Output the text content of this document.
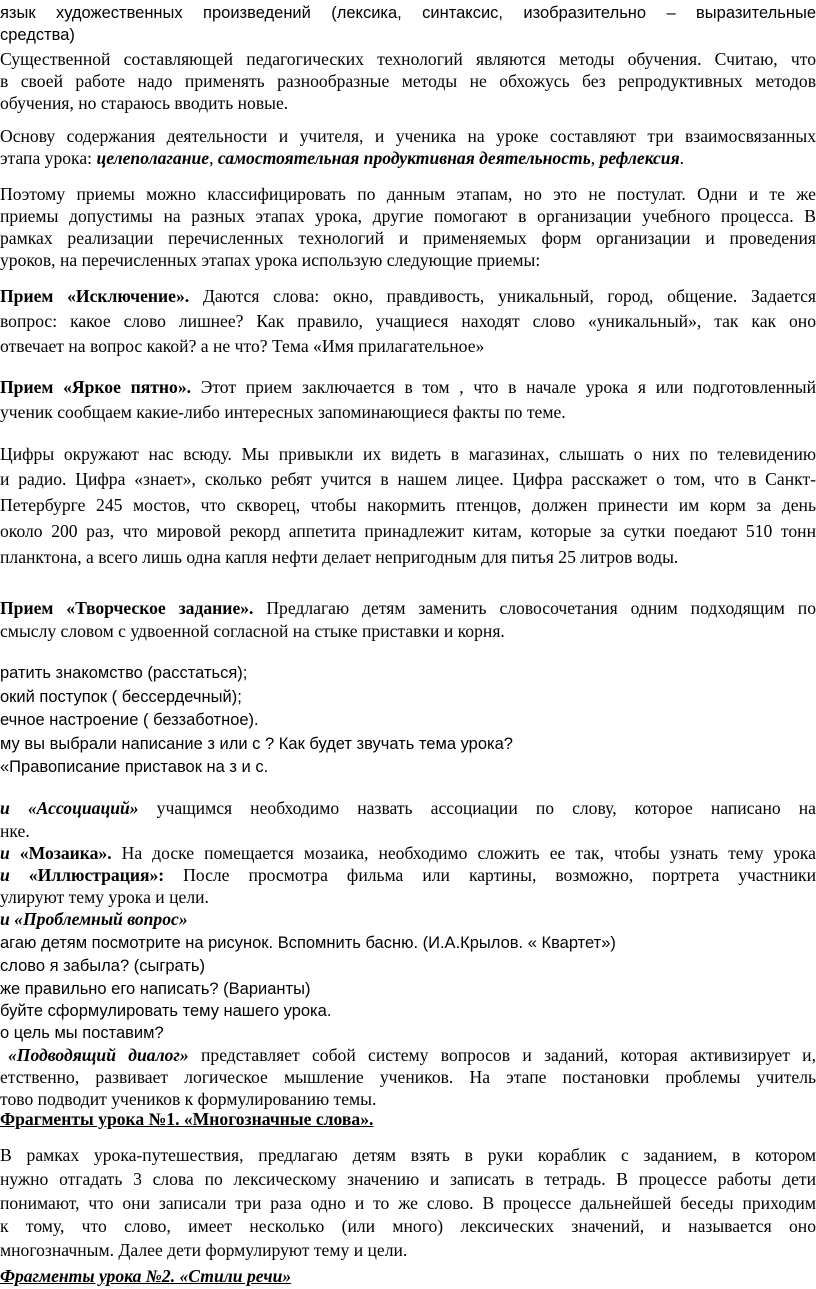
язык художественных произведений (лексика, синтаксис, изобразительно – выразительные
средства)
Существенной составляющей педагогических технологий являются методы обучения. Считаю, что
в своей работе надо применять разнообразные методы не обхожусь без репродуктивных методов
обучения, но стараюсь вводить новые.
Основу содержания деятельности и учителя, и ученика на уроке составляют три взаимосвязанных
этапа урока: целеполагание, самостоятельная продуктивная деятельность, рефлексия.
Поэтому приемы можно классифицировать по данным этапам, но это не постулат. Одни и те же
приемы допустимы на разных этапах урока, другие помогают в организации учебного процесса. В
рамках реализации перечисленных технологий и применяемых форм организации и проведения
уроков, на перечисленных этапах урока использую следующие приемы:
Прием «Исключение». Даются слова: окно, правдивость, уникальный, город, общение. Задается
вопрос: какое слово лишнее? Как правило, учащиеся находят слово «уникальный», так как оно
отвечает на вопрос какой? а не что? Тема «Имя прилагательное»
Прием «Яркое пятно». Этот прием заключается в том , что в начале урока я или подготовленный
ученик сообщаем какие-либо интересных запоминающиеся факты по теме.
Цифры окружают нас всюду. Мы привыкли их видеть в магазинах, слышать о них по телевидению
и радио. Цифра «знает», сколько ребят учится в нашем лицее. Цифра расскажет о том, что в Санкт-
Петербурге 245 мостов, что скворец, чтобы накормить птенцов, должен принести им корм за день
около 200 раз, что мировой рекорд аппетита принадлежит китам, которые за сутки поедают 510 тонн
планктона, а всего лишь одна капля нефти делает непригодным для питья 25 литров воды.
Прием «Творческое задание». Предлагаю детям заменить словосочетания одним подходящим по
смыслу словом с удвоенной согласной на стыке приставки и корня.
ратить знакомство (расстаться);
окий поступок ( бессердечный);
ечное настроение ( беззаботное).
му вы выбрали написание з или с ? Как будет звучать тема урока?
«Правописание приставок на з и с.
и «Ассоциаций» учащимся необходимо назвать ассоциации по слову, которое написано на
нке.
и «Мозаика». На доске помещается мозаика, необходимо сложить ее так, чтобы узнать тему урока
и «Иллюстрация»: После просмотра фильма или картины, возможно, портрета участники
улируют тему урока и цели.
и «Проблемный вопрос»
агаю детям посмотрите на рисунок. Вспомнить басню. (И.А.Крылов. « Квартет»)
слово я забыла? (сыграть)
же правильно его написать? (Варианты)
буйте сформулировать тему нашего урока.
о цель мы поставим?
«Подводящий диалог» представляет собой систему вопросов и заданий, которая активизирует и,
етственно, развивает логическое мышление учеников. На этапе постановки проблемы учитель
тово подводит учеников к формулированию темы.
Фрагменты урока №1. «Многозначные слова».
В рамках урока-путешествия, предлагаю детям взять в руки кораблик с заданием, в котором
нужно отгадать 3 слова по лексическому значению и записать в тетрадь. В процессе работы дети
понимают, что они записали три раза одно и то же слово. В процессе дальнейшей беседы приходим
к тому, что слово, имеет несколько (или много) лексических значений, и называется оно
многозначным. Далее дети формулируют тему и цели.
Фрагменты урока №2. «Стили речи»
